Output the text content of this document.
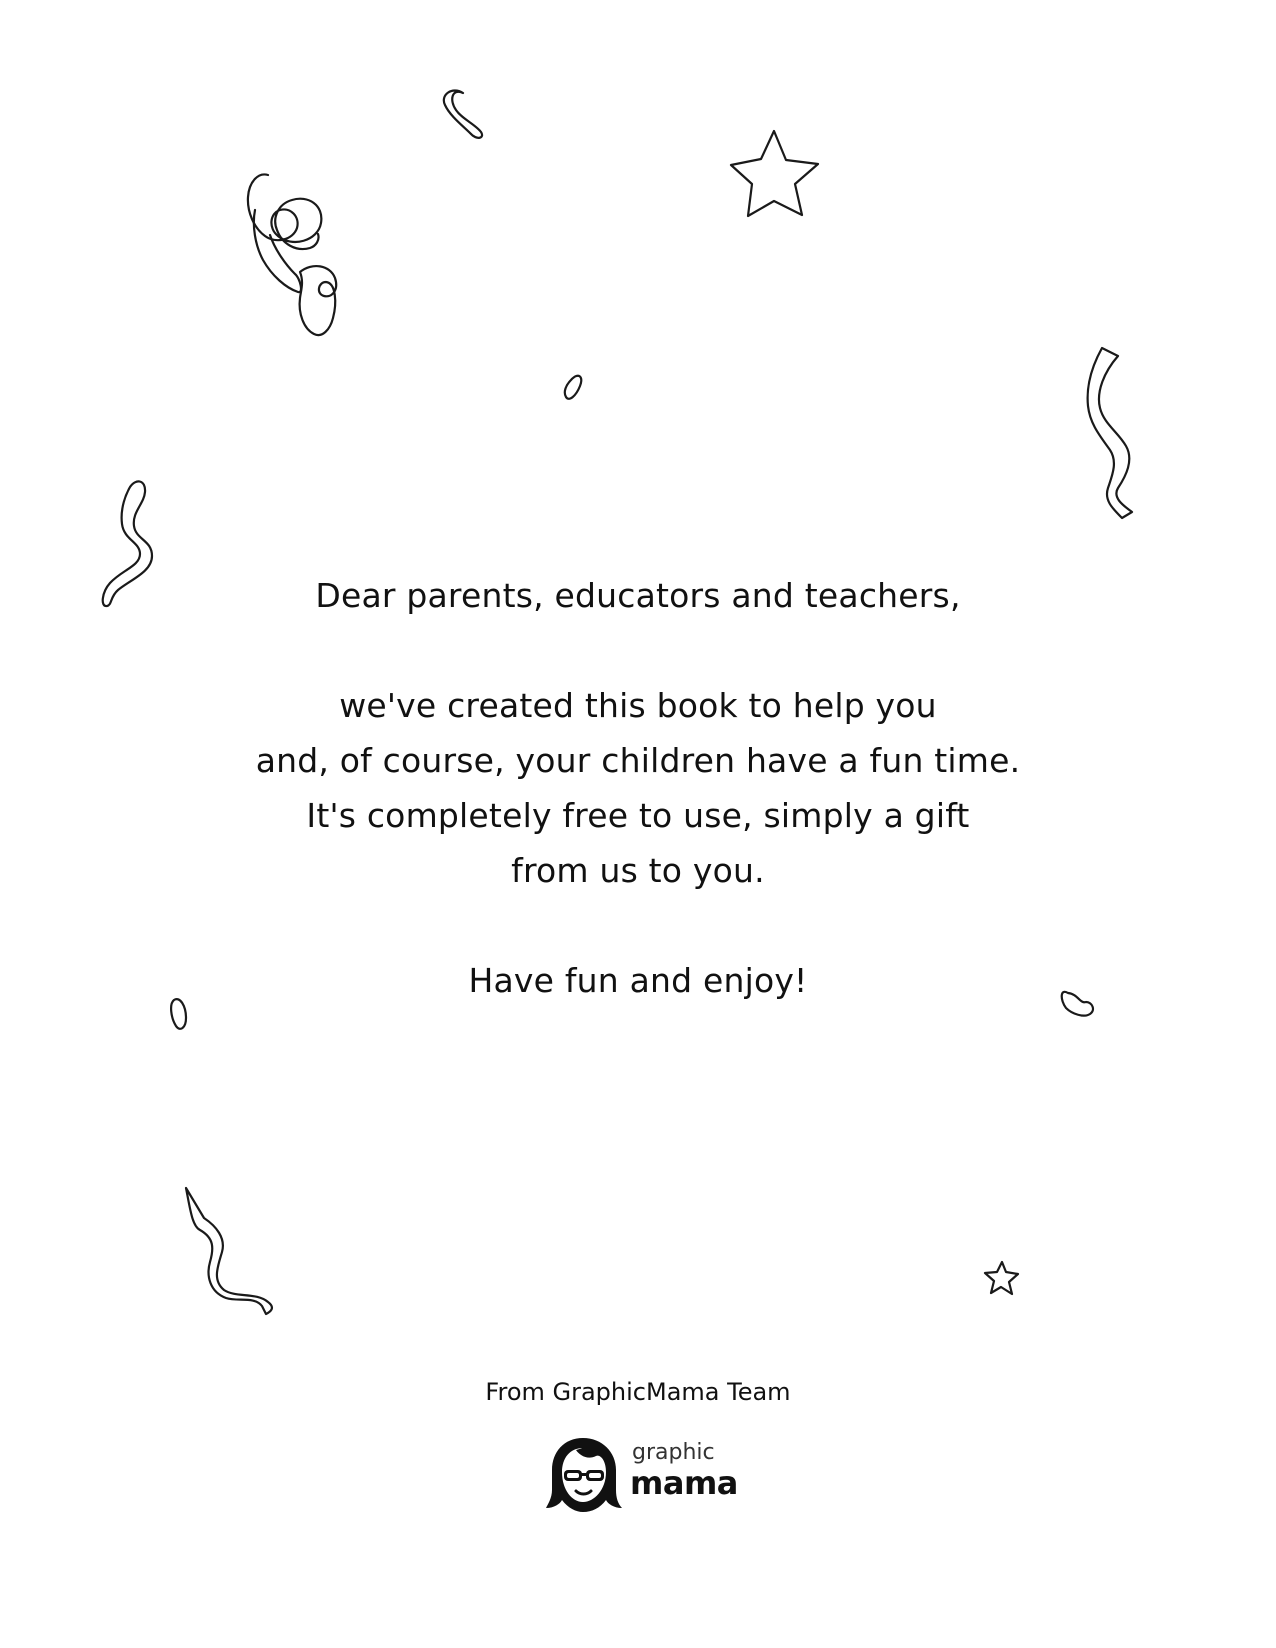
Dear parents, educators and teachers,
we've created this book to help you
and, of course, your children have a fun time.
It's completely free to use, simply a gift
from us to you.
Have fun and enjoy!
From GraphicMama Team
graphic
mama
